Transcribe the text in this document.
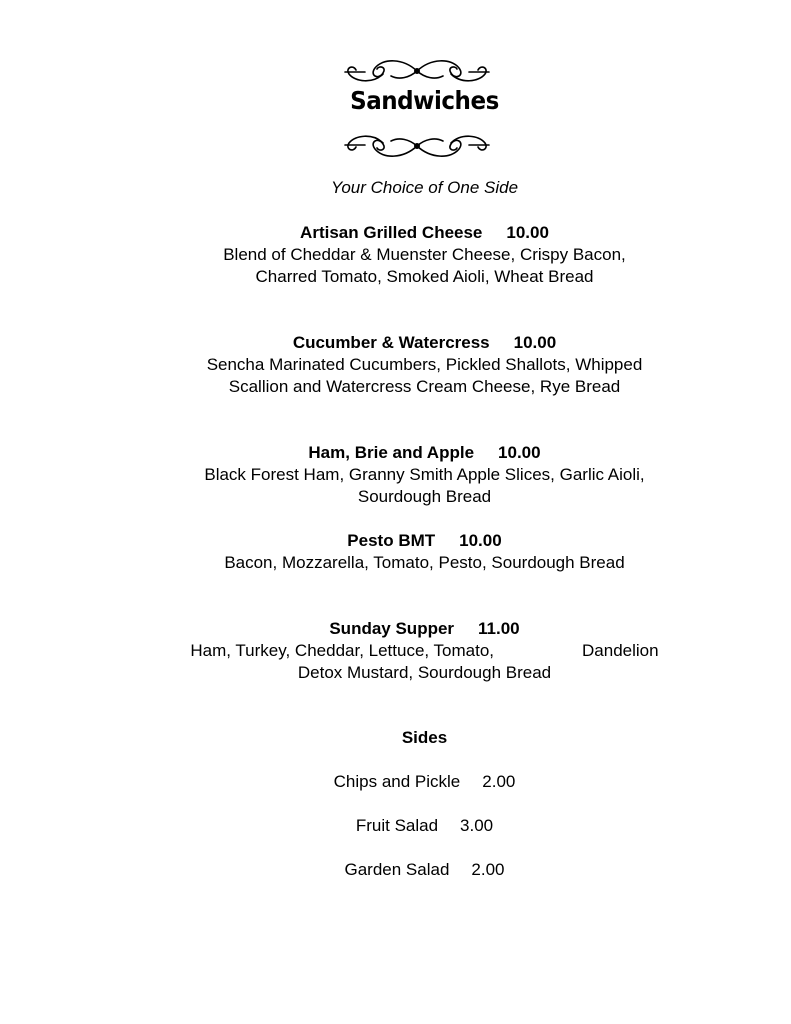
Sandwiches
Your Choice of One Side
Artisan Grilled Cheese 10.00
Blend of Cheddar & Muenster Cheese, Crispy Bacon,
Charred Tomato, Smoked Aioli, Wheat Bread
Cucumber & Watercress 10.00
Sencha Marinated Cucumbers, Pickled Shallots, Whipped
Scallion and Watercress Cream Cheese, Rye Bread
Ham, Brie and Apple 10.00
Black Forest Ham, Granny Smith Apple Slices, Garlic Aioli,
Sourdough Bread
Pesto BMT 10.00
Bacon, Mozzarella, Tomato, Pesto, Sourdough Bread
Sunday Supper 11.00
Ham, Turkey, Cheddar, Lettuce, Tomato,	Dandelion
Detox Mustard, Sourdough Bread
Sides
Chips and Pickle 2.00
Fruit Salad 3.00
Garden Salad 2.00
